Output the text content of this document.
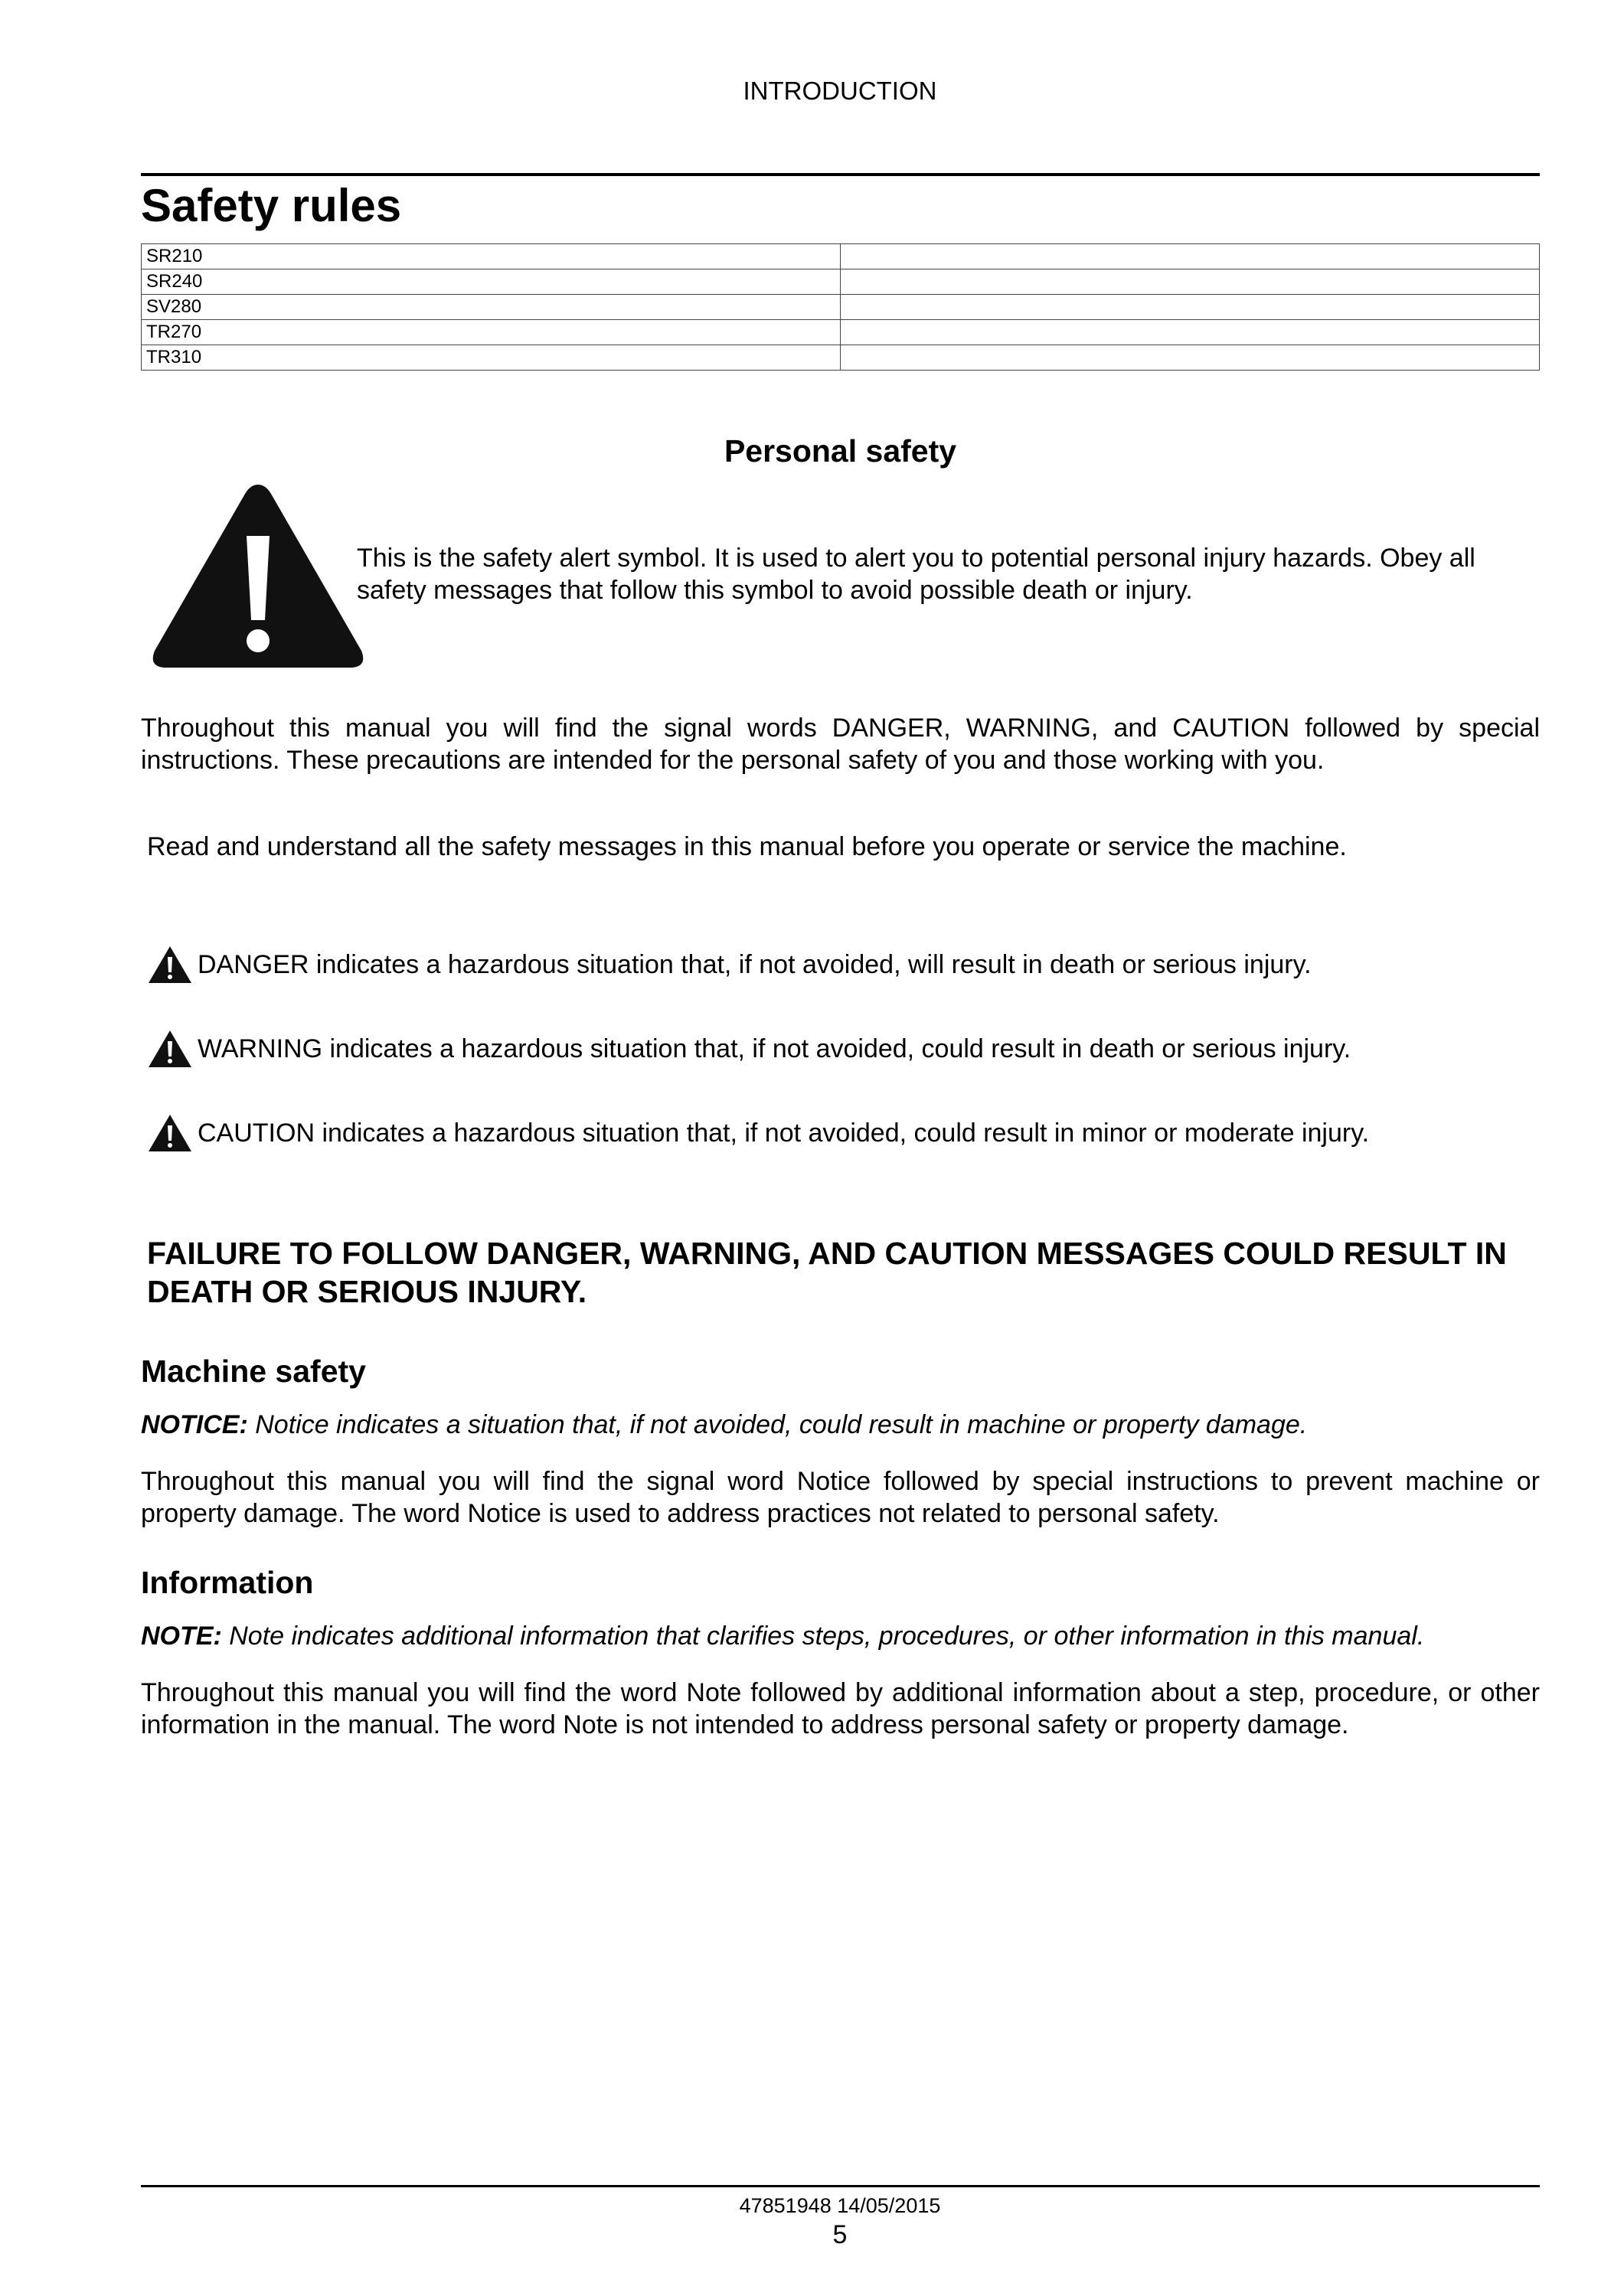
INTRODUCTION
Safety rules
SR210	
SR240	
SV280	
TR270	
TR310	
Personal safety
This is the safety alert symbol. It is used to alert you to potential personal injury hazards. Obey all safety messages that follow this symbol to avoid possible death or injury.
Throughout this manual you will find the signal words DANGER, WARNING, and CAUTION followed by special instructions. These precautions are intended for the personal safety of you and those working with you.
Read and understand all the safety messages in this manual before you operate or service the machine.
DANGER indicates a hazardous situation that, if not avoided, will result in death or serious injury.
WARNING indicates a hazardous situation that, if not avoided, could result in death or serious injury.
CAUTION indicates a hazardous situation that, if not avoided, could result in minor or moderate injury.
FAILURE TO FOLLOW DANGER, WARNING, AND CAUTION MESSAGES COULD RESULT IN DEATH OR SERIOUS INJURY.
Machine safety
NOTICE: Notice indicates a situation that, if not avoided, could result in machine or property damage.
Throughout this manual you will find the signal word Notice followed by special instructions to prevent machine or property damage. The word Notice is used to address practices not related to personal safety.
Information
NOTE: Note indicates additional information that clarifies steps, procedures, or other information in this manual.
Throughout this manual you will find the word Note followed by additional information about a step, procedure, or other information in the manual. The word Note is not intended to address personal safety or property damage.
47851948 14/05/2015
5
